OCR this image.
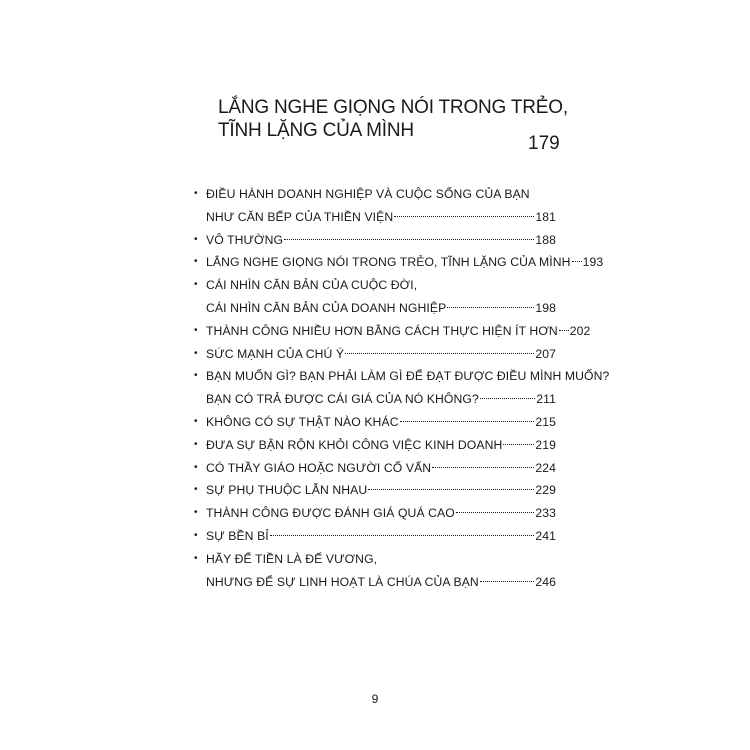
LẮNG NGHE GIỌNG NÓI TRONG TRẺO,
TĨNH LẶNG CỦA MÌNH
179
• ĐIỀU HÀNH DOANH NGHIỆP VÀ CUỘC SỐNG CỦA BẠN
NHƯ CĂN BẾP CỦA THIỀN VIỆN	181
• VÔ THƯỜNG	188
• LẮNG NGHE GIỌNG NÓI TRONG TRẺO, TĨNH LẶNG CỦA MÌNH 193
• CÁI NHÌN CĂN BẢN CỦA CUỘC ĐỜI,
CÁI NHÌN CĂN BẢN CỦA DOANH NGHIỆP	198
• THÀNH CÔNG NHIỀU HƠN BẰNG CÁCH THỰC HIỆN ÍT HƠN 202
• SỨC MẠNH CỦA CHÚ Ý	207
• BẠN MUỐN GÌ? BẠN PHẢI LÀM GÌ ĐỂ ĐẠT ĐƯỢC ĐIỀU MÌNH MUỐN?
BẠN CÓ TRẢ ĐƯỢC CÁI GIÁ CỦA NÓ KHÔNG?	211
• KHÔNG CÓ SỰ THẬT NÀO KHÁC	215
• ĐƯA SỰ BẬN RỘN KHỎI CÔNG VIỆC KINH DOANH	219
• CÓ THẦY GIÁO HOẶC NGƯỜI CỐ VẤN	224
• SỰ PHỤ THUỘC LẪN NHAU	229
• THÀNH CÔNG ĐƯỢC ĐÁNH GIÁ QUÁ CAO	233
• SỰ BỀN BỈ	241
• HÃY ĐỂ TIỀN LÀ ĐẾ VƯƠNG,
NHƯNG ĐỂ SỰ LINH HOẠT LÀ CHÚA CỦA BẠN	246
9
